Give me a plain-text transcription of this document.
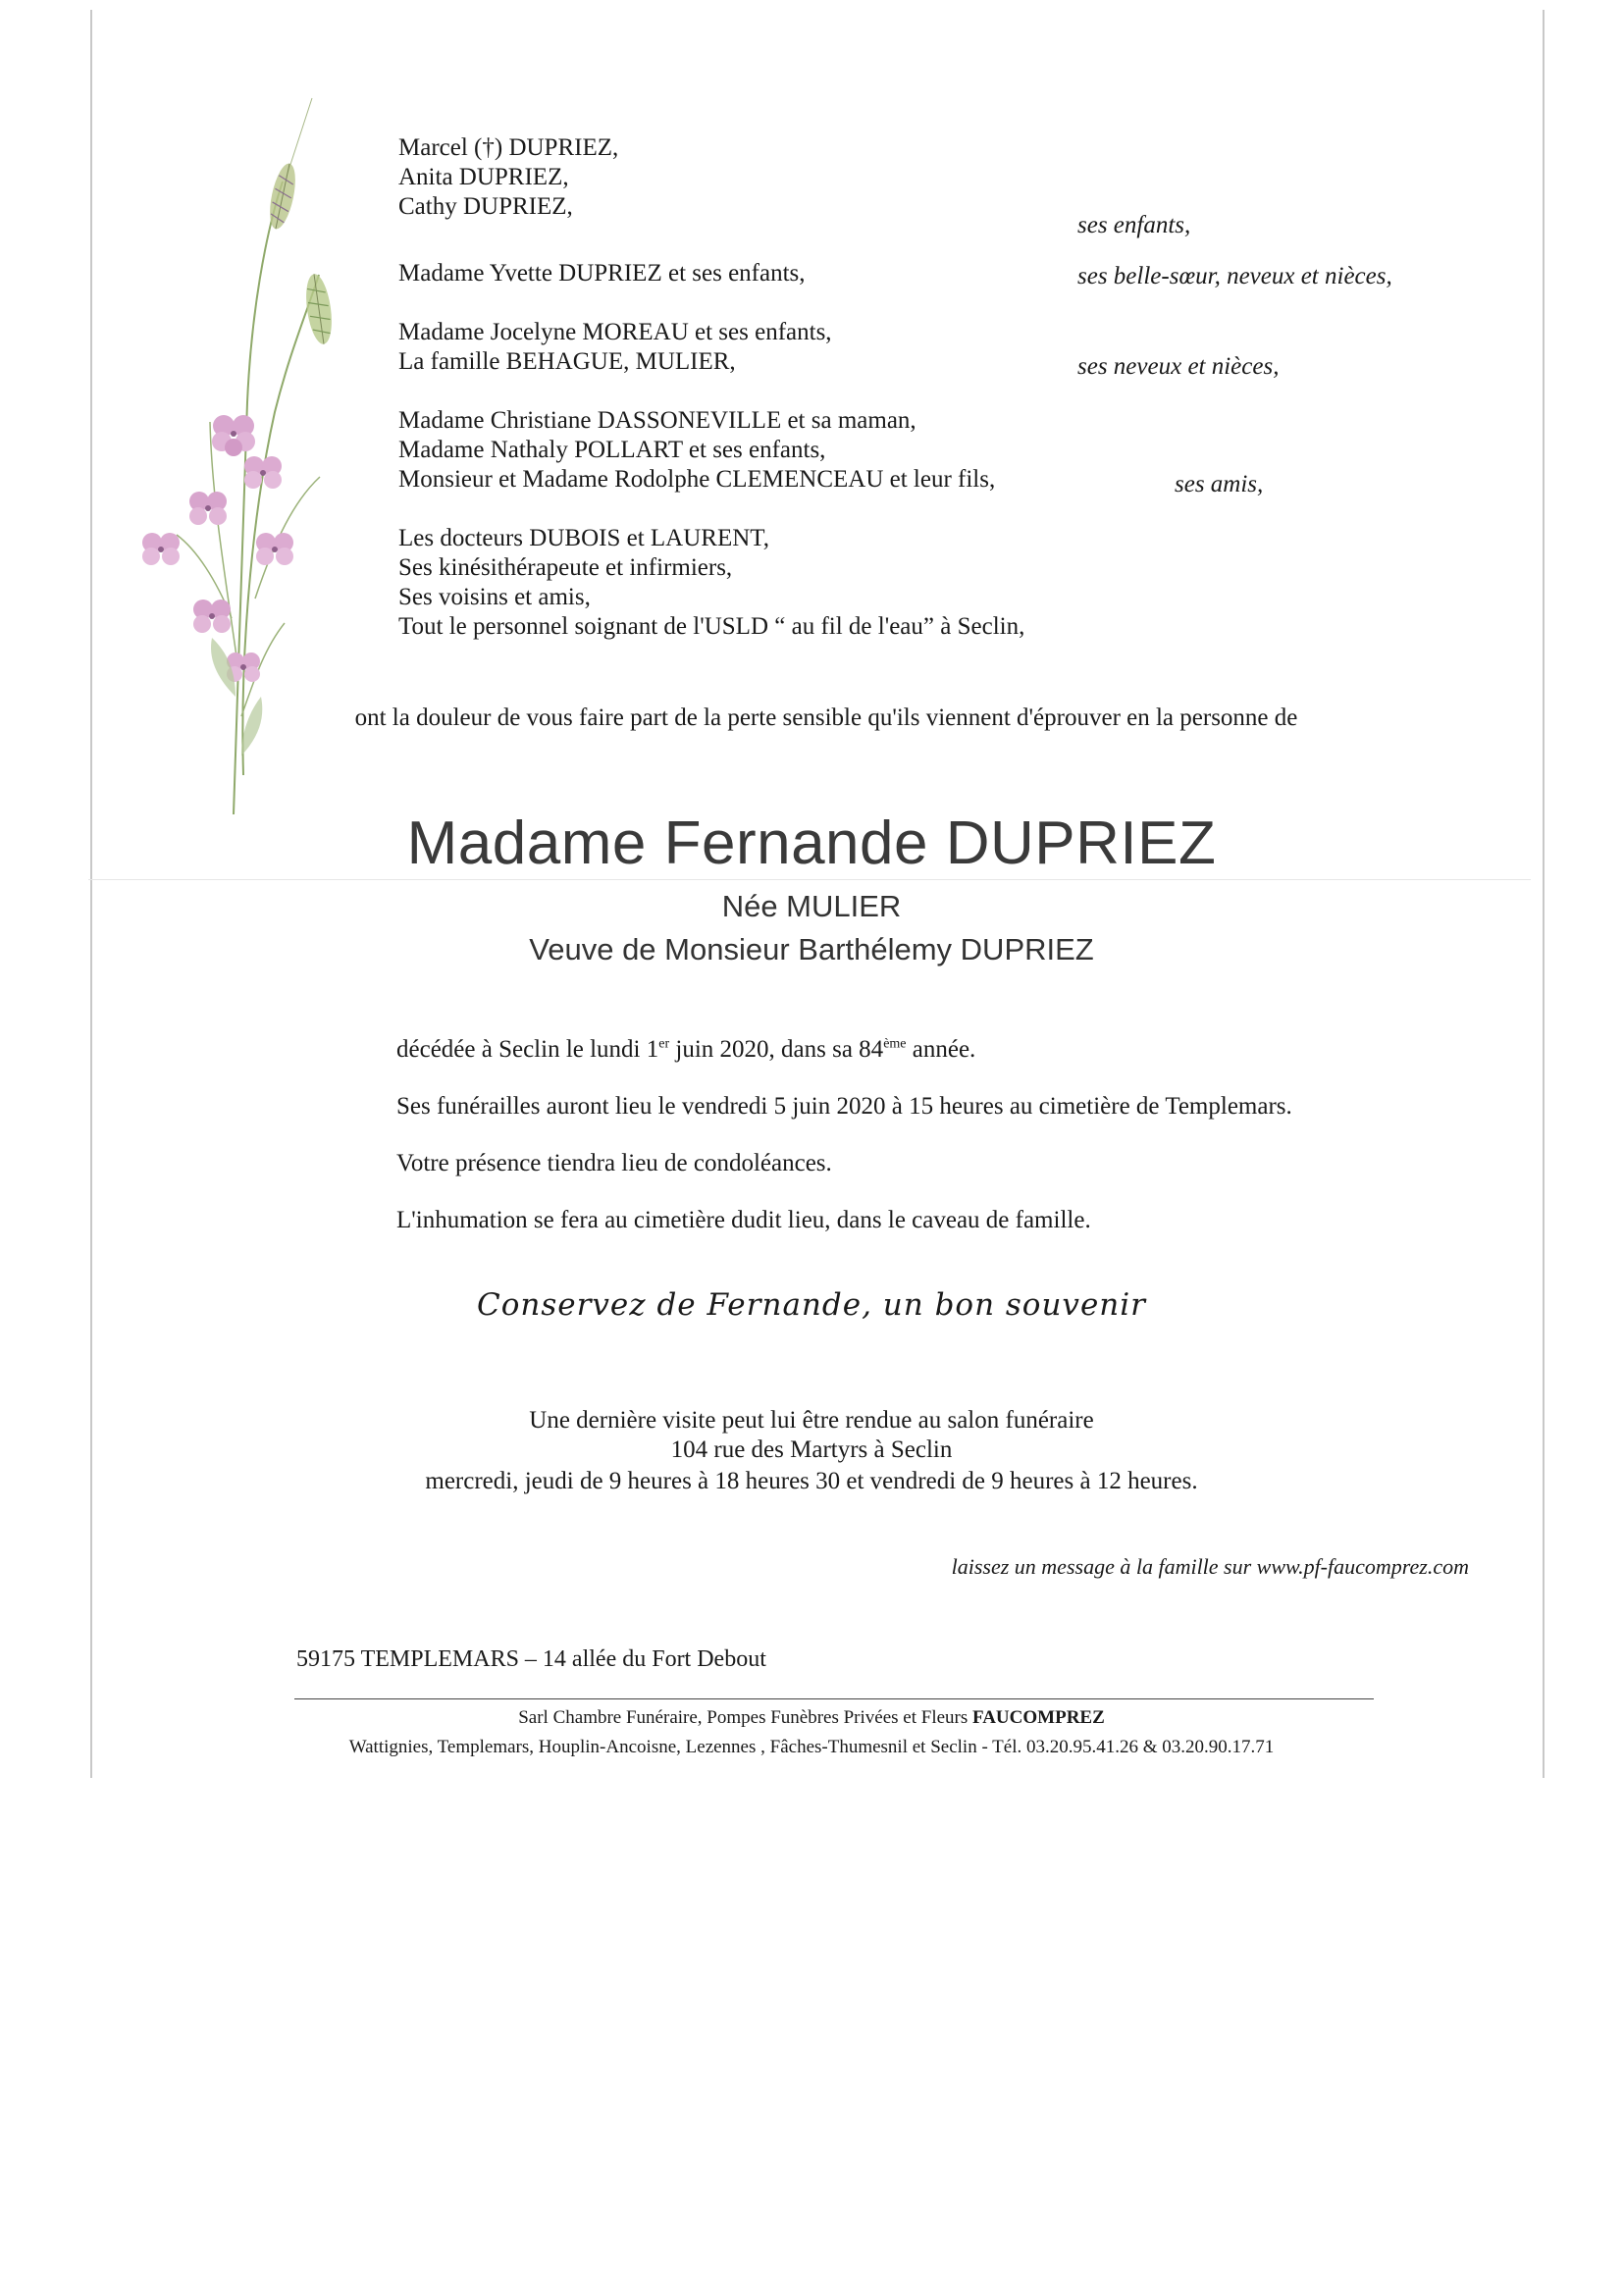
Marcel (†) DUPRIEZ,
Anita DUPRIEZ,
Cathy DUPRIEZ,
ses enfants,
Madame Yvette DUPRIEZ et ses enfants,	ses belle-sœur, neveux et nièces,
Madame Jocelyne MOREAU et ses enfants,
La famille BEHAGUE, MULIER,	ses neveux et nièces,
Madame Christiane DASSONEVILLE et sa maman,
Madame Nathaly POLLART et ses enfants,
Monsieur et Madame Rodolphe CLEMENCEAU et leur fils,	ses amis,
Les docteurs DUBOIS et LAURENT,
Ses kinésithérapeute et infirmiers,
Ses voisins et amis,
Tout le personnel soignant de l'USLD “ au fil de l'eau” à Seclin,
ont la douleur de vous faire part de la perte sensible qu'ils viennent d'éprouver en la personne de
Madame Fernande DUPRIEZ
Née MULIER
Veuve de Monsieur Barthélemy DUPRIEZ
décédée à Seclin le lundi 1er juin 2020, dans sa 84ème année.
Ses funérailles auront lieu le vendredi 5 juin 2020 à 15 heures au cimetière de Templemars.
Votre présence tiendra lieu de condoléances.
L'inhumation se fera au cimetière dudit lieu, dans le caveau de famille.
Conservez de Fernande, un bon souvenir
Une dernière visite peut lui être rendue au salon funéraire
104 rue des Martyrs à Seclin
mercredi, jeudi de 9 heures à 18 heures 30 et vendredi de 9 heures à 12 heures.
laissez un message à la famille sur www.pf-faucomprez.com
59175 TEMPLEMARS – 14 allée du Fort Debout
Sarl Chambre Funéraire, Pompes Funèbres Privées et Fleurs FAUCOMPREZ
Wattignies, Templemars, Houplin-Ancoisne, Lezennes , Fâches-Thumesnil et Seclin - Tél. 03.20.95.41.26 & 03.20.90.17.71
